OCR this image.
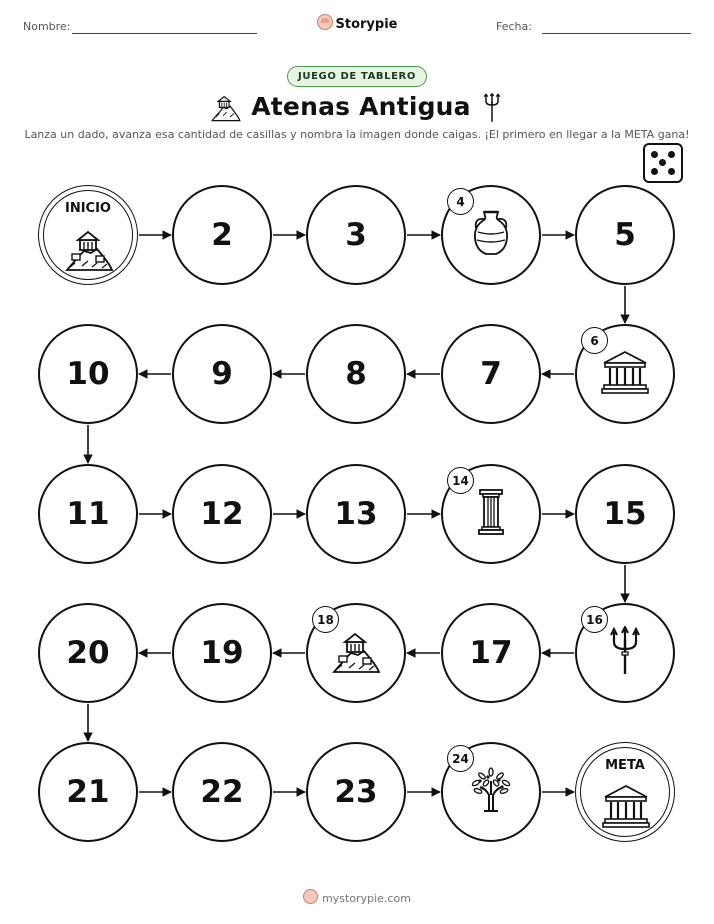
Nombre:	Storypie	Fecha:
JUEGO DE TABLERO
Atenas Antigua
Lanza un dado, avanza esa cantidad de casillas y nombra la imagen donde caigas. ¡El primero en llegar a la META gana!
INICIO
2	3
4
5
10	9	8	7
6
11	12	13
14
15
20	19
18
17
16
21	22	23
24	META
mystorypie.com
